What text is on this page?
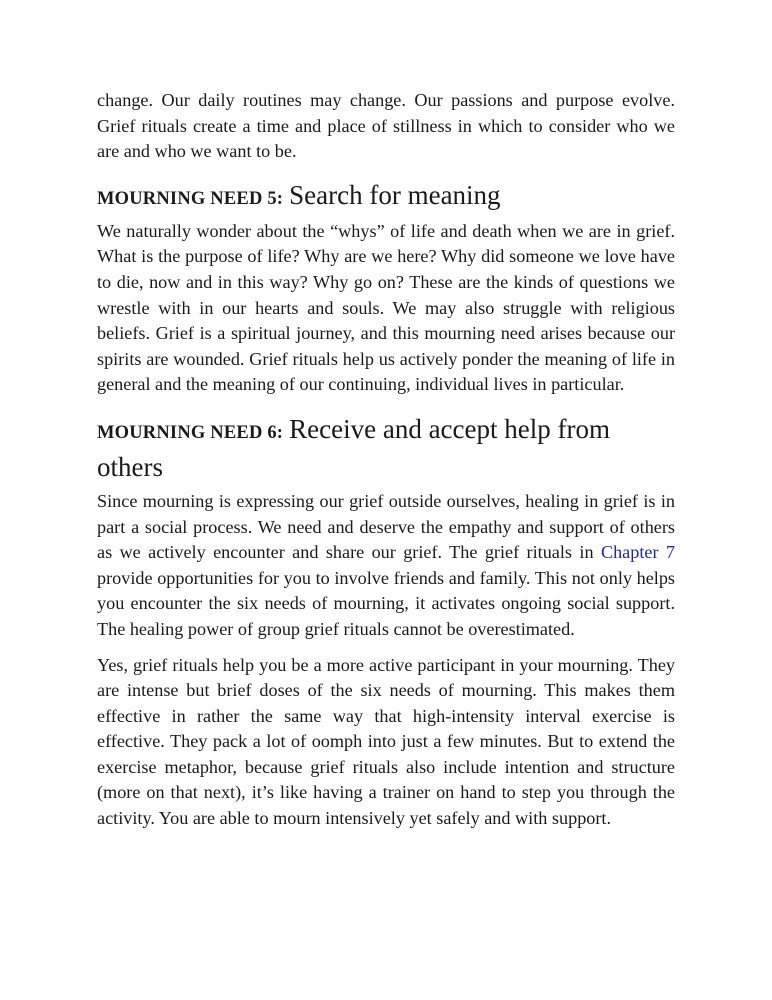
change. Our daily routines may change. Our passions and purpose evolve. Grief rituals create a time and place of stillness in which to consider who we are and who we want to be.

MOURNING NEED 5: Search for meaning

We naturally wonder about the “whys” of life and death when we are in grief. What is the purpose of life? Why are we here? Why did someone we love have to die, now and in this way? Why go on? These are the kinds of questions we wrestle with in our hearts and souls. We may also struggle with religious beliefs. Grief is a spiritual journey, and this mourning need arises because our spirits are wounded. Grief rituals help us actively ponder the meaning of life in general and the meaning of our continuing, individual lives in particular.

MOURNING NEED 6: Receive and accept help from others

Since mourning is expressing our grief outside ourselves, healing in grief is in part a social process. We need and deserve the empathy and support of others as we actively encounter and share our grief. The grief rituals in Chapter 7 provide opportunities for you to involve friends and family. This not only helps you encounter the six needs of mourning, it activates ongoing social support. The healing power of group grief rituals cannot be overestimated.

Yes, grief rituals help you be a more active participant in your mourning. They are intense but brief doses of the six needs of mourning. This makes them effective in rather the same way that high-intensity interval exercise is effective. They pack a lot of oomph into just a few minutes. But to extend the exercise metaphor, because grief rituals also include intention and structure (more on that next), it’s like having a trainer on hand to step you through the activity. You are able to mourn intensively yet safely and with support.
